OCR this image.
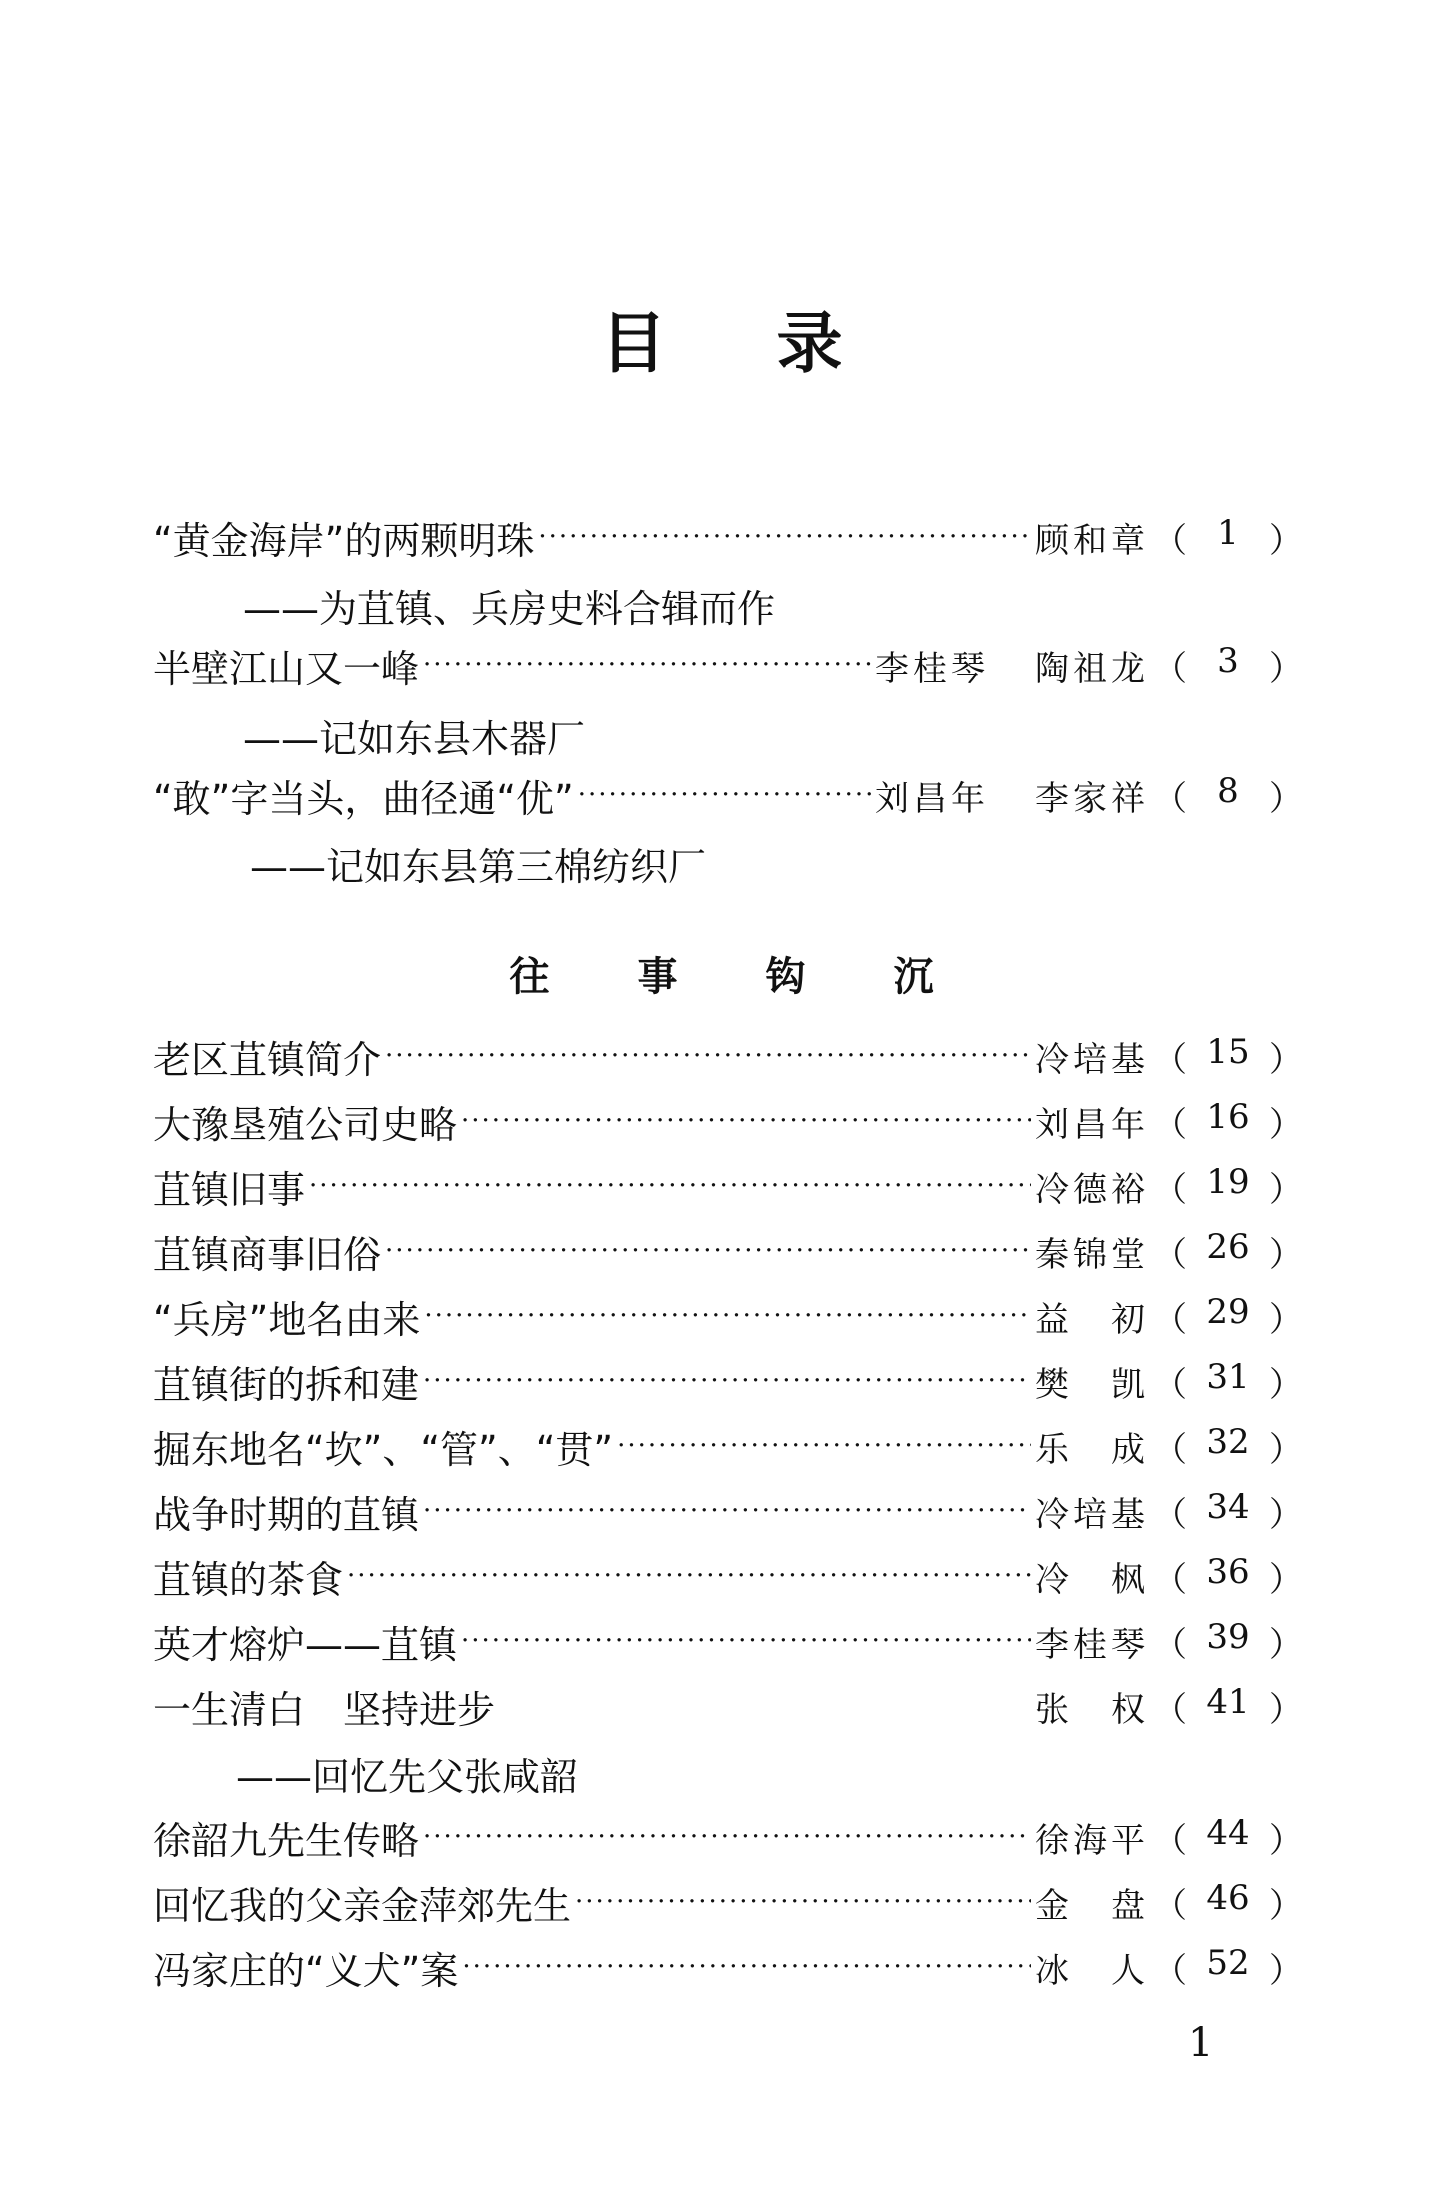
目录
“黄金海岸”的两颗明珠 ·····	顾和章 （ 1 ）
——为苴镇、兵房史料合辑而作
半壁江山又一峰 ·····	李桂琴 陶祖龙 （ 3 ）
——记如东县木器厂
“敢”字当头，曲径通“优” ·····	刘昌年 李家祥 （ 8 ）
——记如东县第三棉纺织厂
往事钩沉
老区苴镇简介 ·····	冷培基 （ 15 ）
大豫垦殖公司史略 ·····	刘昌年 （ 16 ）
苴镇旧事 ·····	冷德裕 （ 19 ）
苴镇商事旧俗 ·····	秦锦堂 （ 26 ）
“兵房”地名由来 ·····	益　初 （ 29 ）
苴镇街的拆和建 ·····	樊　凯 （ 31 ）
掘东地名“坎”、“管”、“贯” ·····	乐　成 （ 32 ）
战争时期的苴镇 ·····	冷培基 （ 34 ）
苴镇的茶食 ·····	冷　枫 （ 36 ）
英才熔炉——苴镇 ·····	李桂琴 （ 39 ）
一生清白　坚持进步	张　权 （ 41 ）
——回忆先父张咸韶
徐韶九先生传略 ·····	徐海平 （ 44 ）
回忆我的父亲金萍郊先生 ·····	金　盘 （ 46 ）
冯家庄的“义犬”案 ·····	冰　人 （ 52 ）
1
